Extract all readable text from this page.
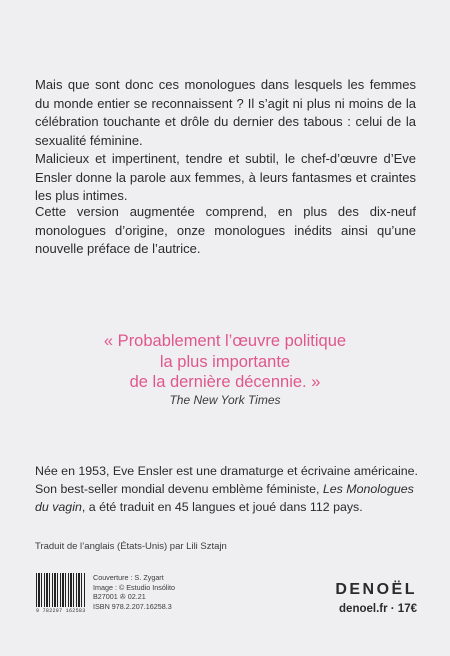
Mais que sont donc ces monologues dans lesquels les femmes du monde entier se reconnaissent ? Il s’agit ni plus ni moins de la célébration touchante et drôle du dernier des tabous : celui de la sexualité féminine.

Malicieux et impertinent, tendre et subtil, le chef-d’œuvre d’Eve Ensler donne la parole aux femmes, à leurs fantasmes et craintes les plus intimes.

Cette version augmentée comprend, en plus des dix-neuf monologues d’origine, onze monologues inédits ainsi qu’une nouvelle préface de l’autrice.

« Probablement l’œuvre politique
la plus importante
de la dernière décennie. »
The New York Times
Née en 1953, Eve Ensler est une dramaturge et écrivaine américaine. Son best-seller mondial devenu emblème féministe, Les Monologues du vagin, a été traduit en 45 langues et joué dans 112 pays.
Traduit de l’anglais (États-Unis) par Lili Sztajn
9 782207 162583
Couverture : S. Zygart
Image : © Estudio Insólito
B27001 ✇ 02.21
ISBN 978.2.207.16258.3
DENOËL
denoel.fr · 17€
